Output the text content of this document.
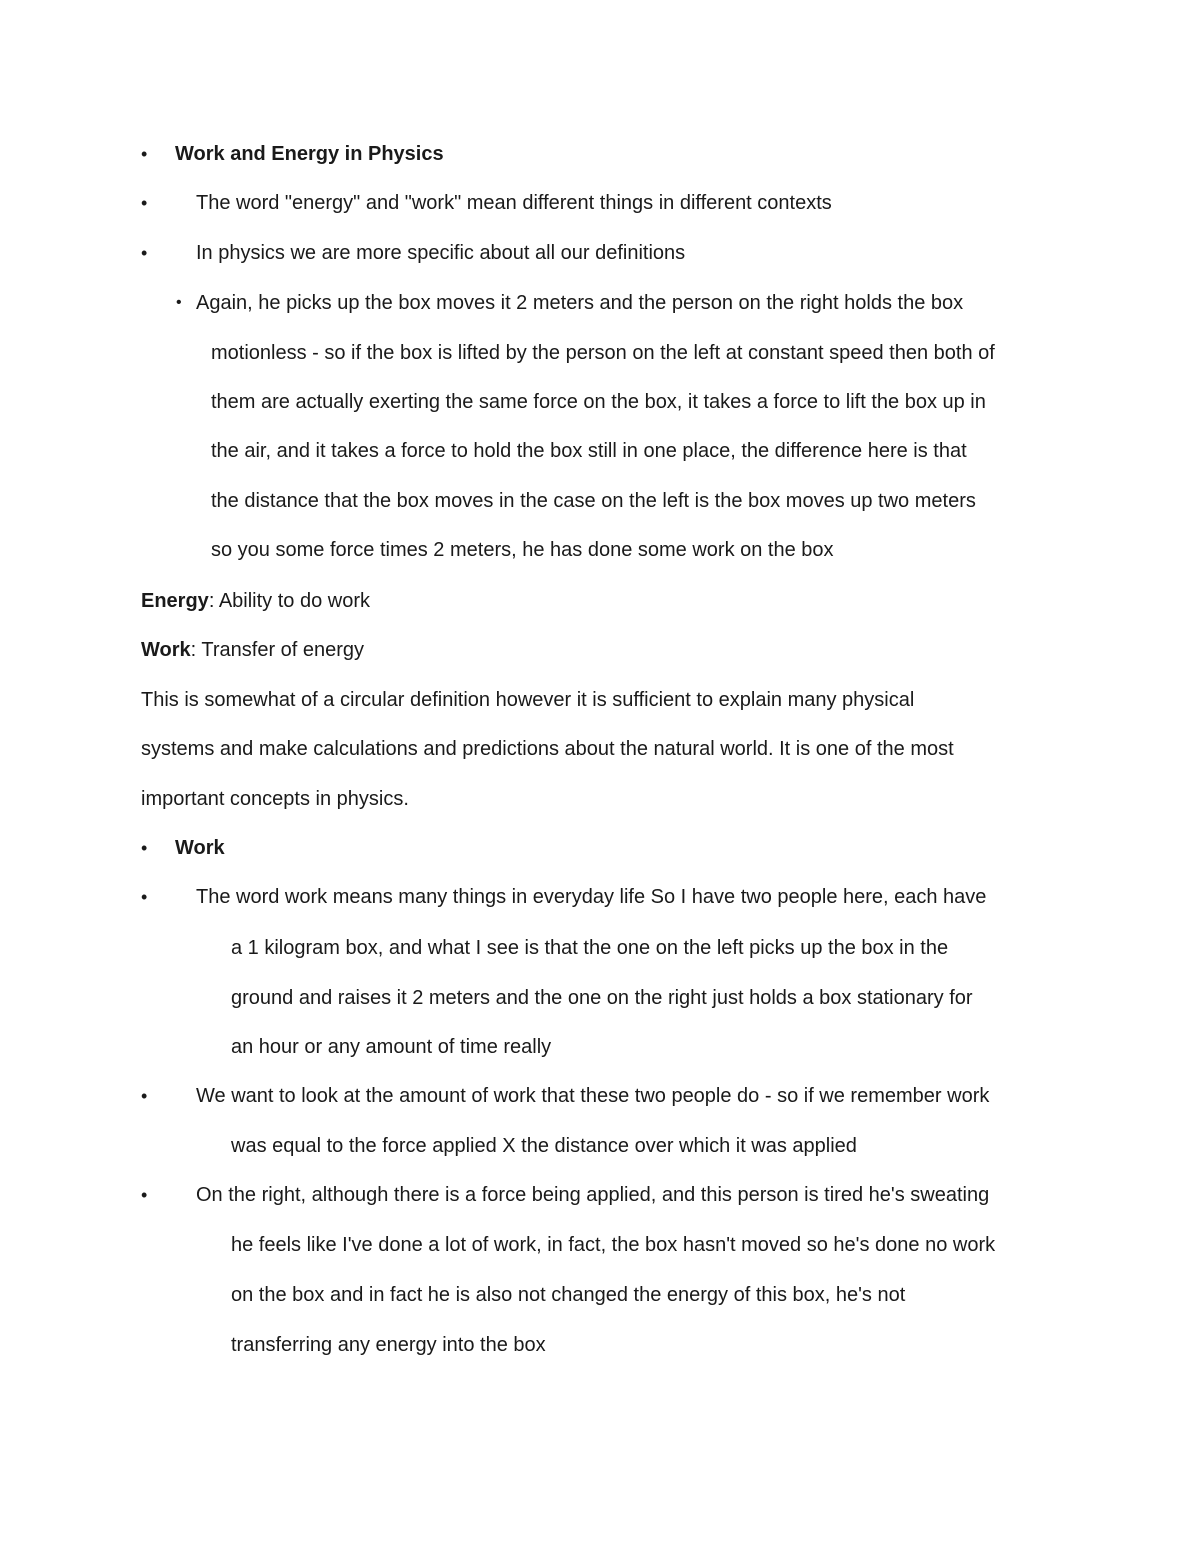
• Work and Energy in Physics
• The word "energy" and "work" mean different things in different contexts
• In physics we are more specific about all our definitions
• Again, he picks up the box moves it 2 meters and the person on the right holds the box
motionless - so if the box is lifted by the person on the left at constant speed then both of
them are actually exerting the same force on the box, it takes a force to lift the box up in
the air, and it takes a force to hold the box still in one place, the difference here is that
the distance that the box moves in the case on the left is the box moves up two meters
so you some force times 2 meters, he has done some work on the box
Energy: Ability to do work
Work: Transfer of energy
This is somewhat of a circular definition however it is sufficient to explain many physical
systems and make calculations and predictions about the natural world. It is one of the most
important concepts in physics.
• Work
• The word work means many things in everyday life So I have two people here, each have
a 1 kilogram box, and what I see is that the one on the left picks up the box in the
ground and raises it 2 meters and the one on the right just holds a box stationary for
an hour or any amount of time really
• We want to look at the amount of work that these two people do - so if we remember work
was equal to the force applied X the distance over which it was applied
• On the right, although there is a force being applied, and this person is tired he's sweating
he feels like I've done a lot of work, in fact, the box hasn't moved so he's done no work
on the box and in fact he is also not changed the energy of this box, he's not
transferring any energy into the box
